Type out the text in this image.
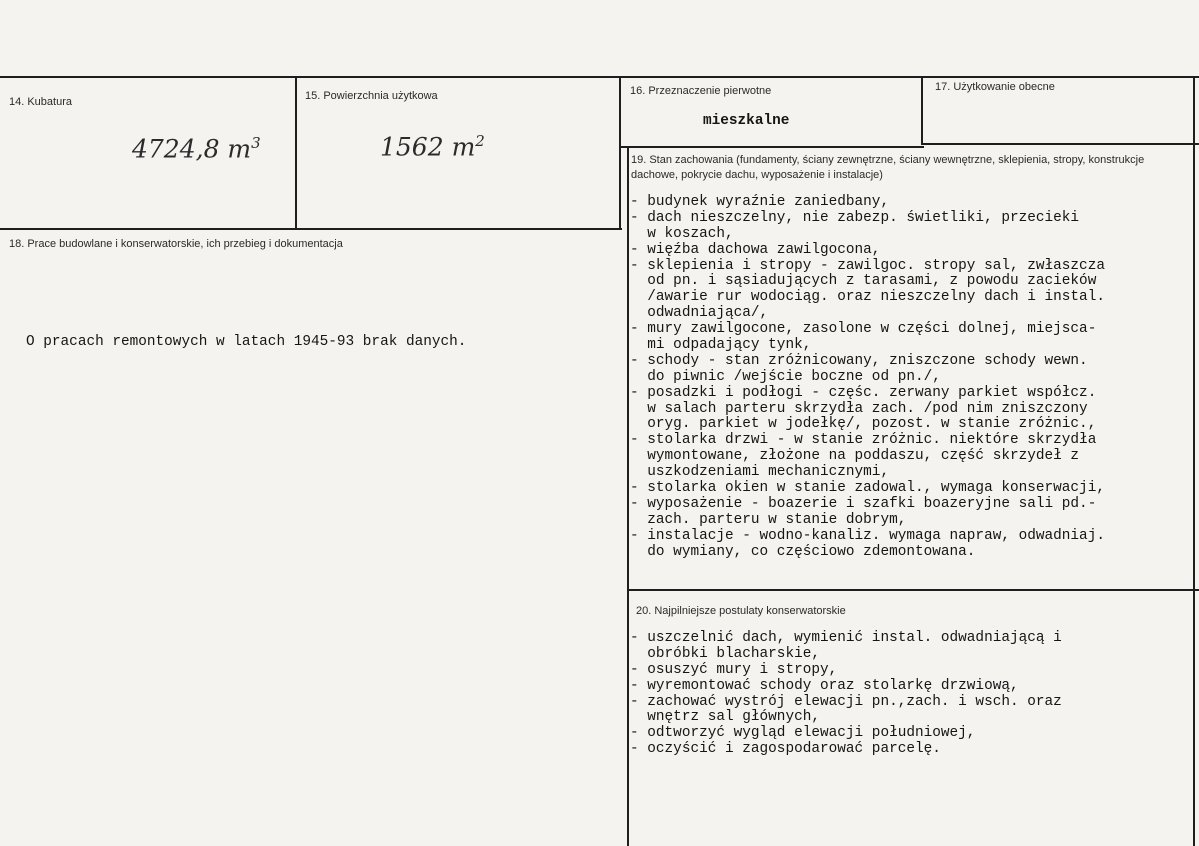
14. Kubatura
4724,8 $m^3$
15. Powierzchnia użytkowa
1562 $m^2$
16. Przeznaczenie pierwotne
mieszkalne
17. Użytkowanie obecne
18. Prace budowlane i konserwatorskie, ich przebieg i dokumentacja
O pracach remontowych w latach 1945-93 brak danych.
19. Stan zachowania (fundamenty, ściany zewnętrzne, ściany wewnętrzne, sklepienia, stropy, konstrukcje dachowe, pokrycie dachu, wyposażenie i instalacje)
- budynek wyraźnie zaniedbany,
- dach nieszczelny, nie zabezp. świetliki, przecieki
w koszach,
- więźba dachowa zawilgocona,
- sklepienia i stropy - zawilgoc. stropy sal, zwłaszcza
od pn. i sąsiadujących z tarasami, z powodu zacieków
/awarie rur wodociąg. oraz nieszczelny dach i instal.
odwadniająca/,
- mury zawilgocone, zasolone w części dolnej, miejsca-
mi odpadający tynk,
- schody - stan zróżnicowany, zniszczone schody wewn.
do piwnic /wejście boczne od pn./,
- posadzki i podłogi - częśc. zerwany parkiet współcz.
w salach parteru skrzydła zach. /pod nim zniszczony
oryg. parkiet w jodełkę/, pozost. w stanie zróżnic.,
- stolarka drzwi - w stanie zróżnic. niektóre skrzydła
wymontowane, złożone na poddaszu, część skrzydeł z
uszkodzeniami mechanicznymi,
- stolarka okien w stanie zadowal., wymaga konserwacji,
- wyposażenie - boazerie i szafki boazeryjne sali pd.-
zach. parteru w stanie dobrym,
- instalacje - wodno-kanaliz. wymaga napraw, odwadniaj.
do wymiany, co częściowo zdemontowana.
20. Najpilniejsze postulaty konserwatorskie
- uszczelnić dach, wymienić instal. odwadniającą i
obróbki blacharskie,
- osuszyć mury i stropy,
- wyremontować schody oraz stolarkę drzwiową,
- zachować wystrój elewacji pn.,zach. i wsch. oraz
wnętrz sal głównych,
- odtworzyć wygląd elewacji południowej,
- oczyścić i zagospodarować parcelę.
